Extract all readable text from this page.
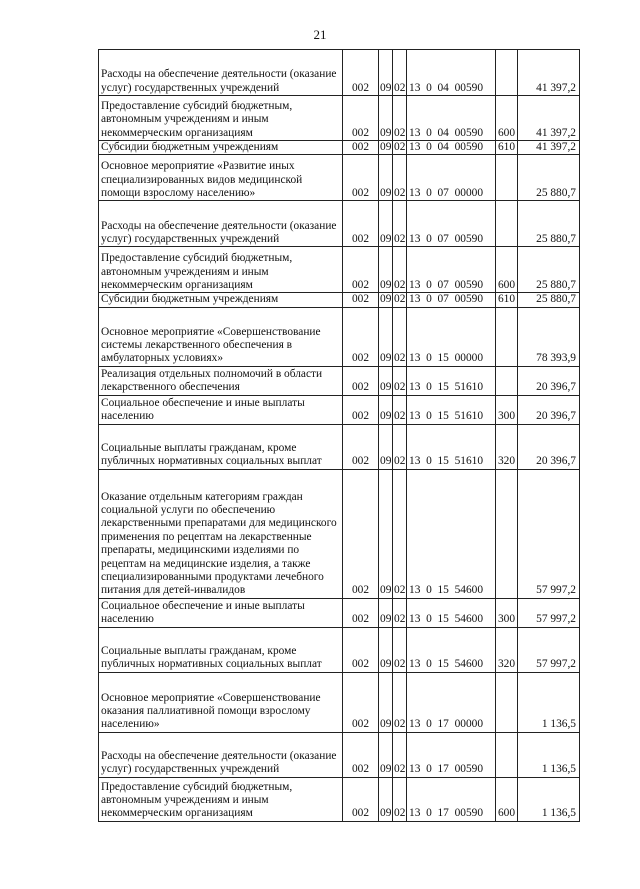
21
Расходы на обеспечение деятельности (оказание услуг) государственных учреждений	002	09	02	13  0  04  00590		41 397,2
Предоставление субсидий бюджетным, автономным учреждениям и иным некоммерческим организациям	002	09	02	13  0  04  00590	600	41 397,2
Субсидии бюджетным учреждениям	002	09	02	13  0  04  00590	610	41 397,2
Основное мероприятие «Развитие иных специализированных видов медицинской помощи взрослому населению»	002	09	02	13  0  07  00000		25 880,7
Расходы на обеспечение деятельности (оказание услуг) государственных учреждений	002	09	02	13  0  07  00590		25 880,7
Предоставление субсидий бюджетным, автономным учреждениям и иным некоммерческим организациям	002	09	02	13  0  07  00590	600	25 880,7
Субсидии бюджетным учреждениям	002	09	02	13  0  07  00590	610	25 880,7
Основное мероприятие «Совершенствование системы лекарственного обеспечения в амбулаторных условиях»	002	09	02	13  0  15  00000		78 393,9
Реализация отдельных полномочий в области лекарственного обеспечения	002	09	02	13  0  15  51610		20 396,7
Социальное обеспечение и иные выплаты населению	002	09	02	13  0  15  51610	300	20 396,7
Социальные выплаты гражданам, кроме публичных нормативных социальных выплат	002	09	02	13  0  15  51610	320	20 396,7
Оказание отдельным категориям граждан социальной услуги по обеспечению лекарственными препаратами для медицинского применения по рецептам на лекарственные препараты, медицинскими изделиями по рецептам на медицинские изделия, а также специализированными продуктами лечебного питания для детей-инвалидов	002	09	02	13  0  15  54600		57 997,2
Социальное обеспечение и иные выплаты населению	002	09	02	13  0  15  54600	300	57 997,2
Социальные выплаты гражданам, кроме публичных нормативных социальных выплат	002	09	02	13  0  15  54600	320	57 997,2
Основное мероприятие «Совершенствование оказания паллиативной помощи взрослому населению»	002	09	02	13  0  17  00000		1 136,5
Расходы на обеспечение деятельности (оказание услуг) государственных учреждений	002	09	02	13  0  17  00590		1 136,5
Предоставление субсидий бюджетным, автономным учреждениям и иным некоммерческим организациям	002	09	02	13  0  17  00590	600	1 136,5
